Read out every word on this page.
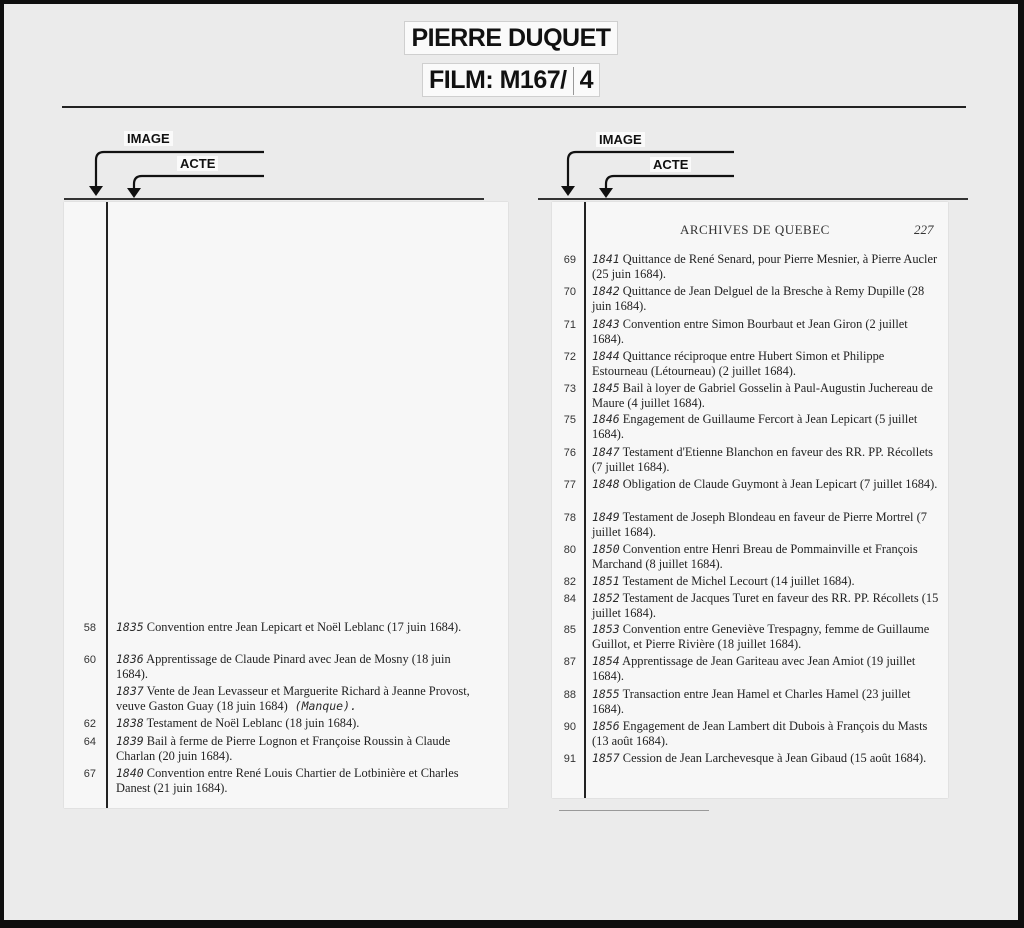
PIERRE DUQUET
FILM: M167/ 4
IMAGE
ACTE
IMAGE
ACTE
58 1835 Convention entre Jean Lepicart et Noël Leblanc (17 juin 1684).
60 1836 Apprentissage de Claude Pinard avec Jean de Mosny (18 juin 1684).
1837 Vente de Jean Levasseur et Marguerite Richard à Jeanne Provost, veuve Gaston Guay (18 juin 1684) (Manque).
62 1838 Testament de Noël Leblanc (18 juin 1684).
64 1839 Bail à ferme de Pierre Lognon et Françoise Roussin à Claude Charlan (20 juin 1684).
67 1840 Convention entre René Louis Chartier de Lotbinière et Charles Danest (21 juin 1684).
ARCHIVES DE QUEBEC	227
69 1841 Quittance de René Senard, pour Pierre Mesnier, à Pierre Aucler (25 juin 1684).
70 1842 Quittance de Jean Delguel de la Bresche à Remy Dupille (28 juin 1684).
71 1843 Convention entre Simon Bourbaut et Jean Giron (2 juillet 1684).
72 1844 Quittance réciproque entre Hubert Simon et Philippe Estourneau (Létourneau) (2 juillet 1684).
73 1845 Bail à loyer de Gabriel Gosselin à Paul-Augustin Juchereau de Maure (4 juillet 1684).
75 1846 Engagement de Guillaume Fercort à Jean Lepicart (5 juillet 1684).
76 1847 Testament d'Etienne Blanchon en faveur des RR. PP. Récollets (7 juillet 1684).
77 1848 Obligation de Claude Guymont à Jean Lepicart (7 juillet 1684).
78 1849 Testament de Joseph Blondeau en faveur de Pierre Mortrel (7 juillet 1684).
80 1850 Convention entre Henri Breau de Pommainville et François Marchand (8 juillet 1684).
82 1851 Testament de Michel Lecourt (14 juillet 1684).
84 1852 Testament de Jacques Turet en faveur des RR. PP. Récollets (15 juillet 1684).
85 1853 Convention entre Geneviève Trespagny, femme de Guillaume Guillot, et Pierre Rivière (18 juillet 1684).
87 1854 Apprentissage de Jean Gariteau avec Jean Amiot (19 juillet 1684).
88 1855 Transaction entre Jean Hamel et Charles Hamel (23 juillet 1684).
90 1856 Engagement de Jean Lambert dit Dubois à François du Masts (13 août 1684).
91 1857 Cession de Jean Larchevesque à Jean Gibaud (15 août 1684).
